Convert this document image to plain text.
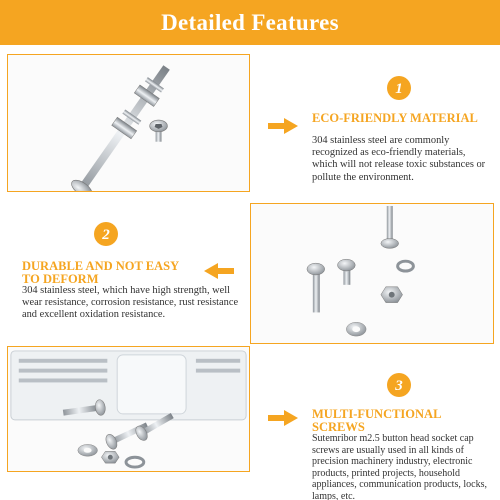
Detailed Features
1
ECO-FRIENDLY MATERIAL
304 stainless steel are commonly recognized as eco-friendly materials, which will not release toxic substances or pollute the environment.
2
DURABLE AND NOT EASY TO DEFORM
304 stainless steel, which have high strength, well wear resistance, corrosion resistance, rust resistance and excellent oxidation resistance.
3
MULTI-FUNCTIONAL SCREWS
Sutemribor m2.5 button head socket cap screws are usually used in all kinds of precision machinery industry, electronic products, printed projects, household appliances, communication products, locks, lamps, etc.
